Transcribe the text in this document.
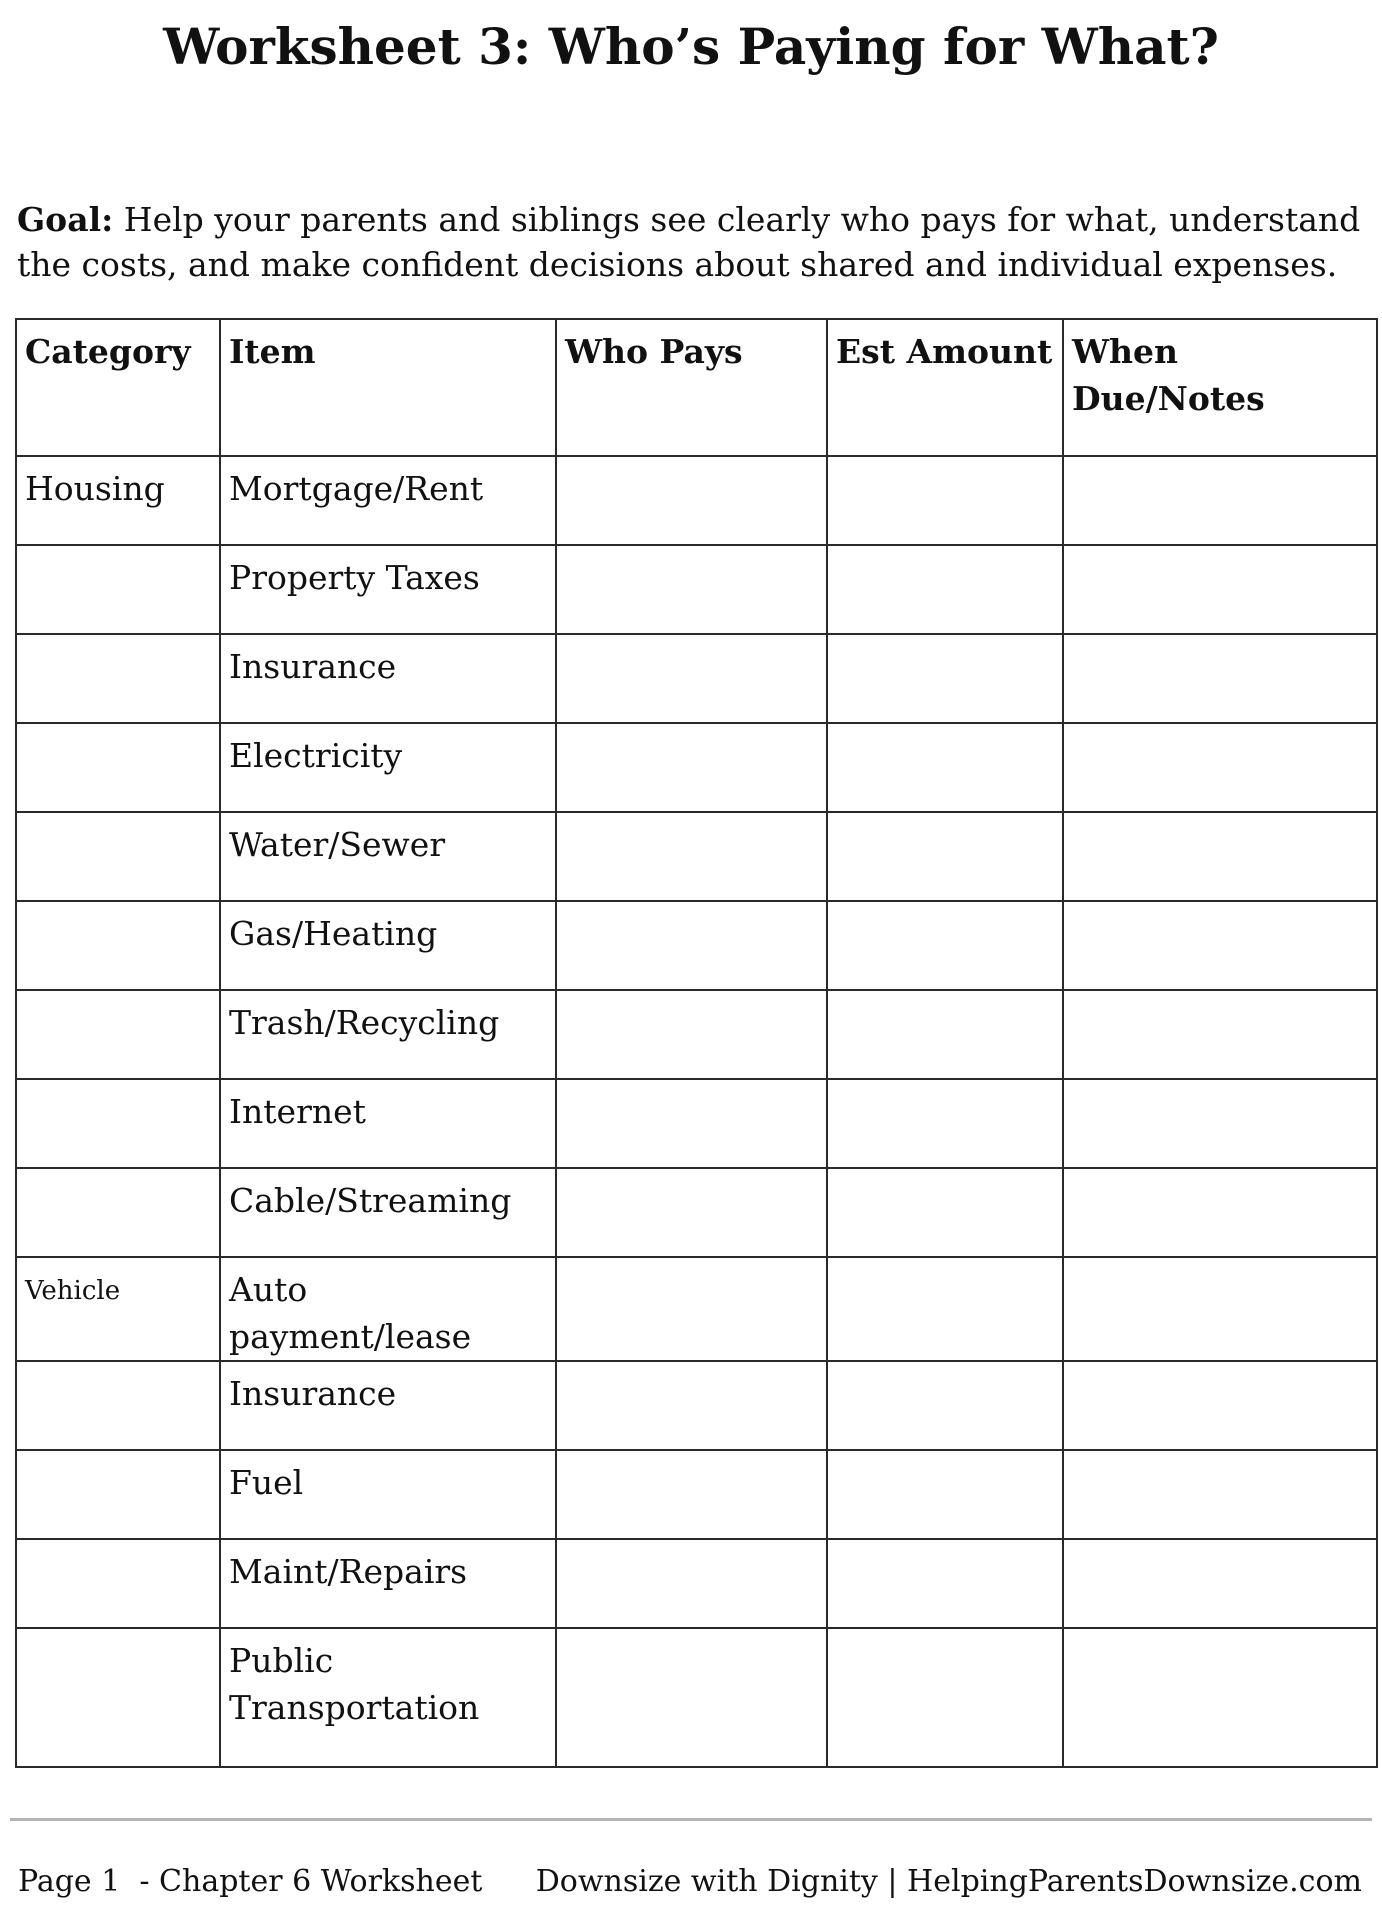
Worksheet 3: Who’s Paying for What?

Goal: Help your parents and siblings see clearly who pays for what, understand the costs, and make confident decisions about shared and individual expenses.

Category	Item	Who Pays	Est Amount	When Due/Notes
Housing	Mortgage/Rent			
	Property Taxes			
	Insurance			
	Electricity			
	Water/Sewer			
	Gas/Heating			
	Trash/Recycling			
	Internet			
	Cable/Streaming			
Vehicle	Auto payment/lease			
	Insurance			
	Fuel			
	Maint/Repairs			
	Public Transportation			
Page 1  - Chapter 6 Worksheet Downsize with Dignity | HelpingParentsDownsize.com
